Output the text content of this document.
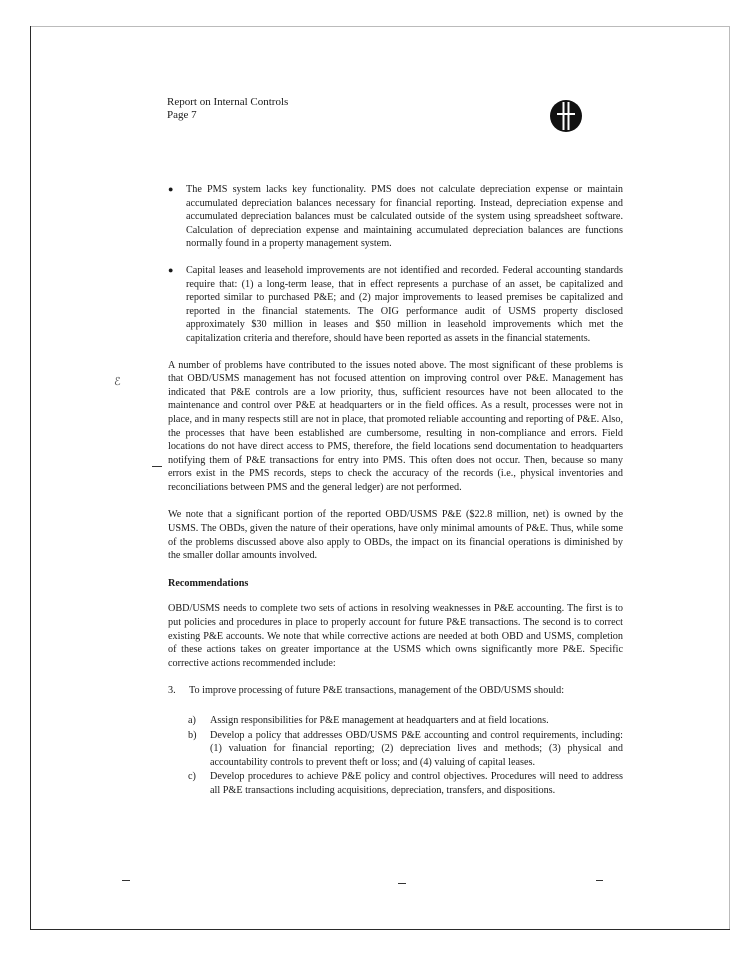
Report on Internal Controls
Page 7
ℰ
● The PMS system lacks key functionality. PMS does not calculate depreciation expense or maintain accumulated depreciation balances necessary for financial reporting. Instead, depreciation expense and accumulated depreciation balances must be calculated outside of the system using spreadsheet software. Calculation of depreciation expense and maintaining accumulated depreciation balances are functions normally found in a property management system.
● Capital leases and leasehold improvements are not identified and recorded. Federal accounting standards require that: (1) a long-term lease, that in effect represents a purchase of an asset, be capitalized and reported similar to purchased P&E; and (2) major improvements to leased premises be capitalized and reported in the financial statements. The OIG performance audit of USMS property disclosed approximately $30 million in leases and $50 million in leasehold improvements which met the capitalization criteria and therefore, should have been reported as assets in the financial statements.

A number of problems have contributed to the issues noted above. The most significant of these problems is that OBD/USMS management has not focused attention on improving control over P&E. Management has indicated that P&E controls are a low priority, thus, sufficient resources have not been allocated to the maintenance and control over P&E at headquarters or in the field offices. As a result, processes were not in place, and in many respects still are not in place, that promoted reliable accounting and reporting of P&E. Also, the processes that have been established are cumbersome, resulting in non-compliance and errors. Field locations do not have direct access to PMS, therefore, the field locations send documentation to headquarters notifying them of P&E transactions for entry into PMS. This often does not occur. Then, because so many errors exist in the PMS records, steps to check the accuracy of the records (i.e., physical inventories and reconciliations between PMS and the general ledger) are not performed.

We note that a significant portion of the reported OBD/USMS P&E ($22.8 million, net) is owned by the USMS. The OBDs, given the nature of their operations, have only minimal amounts of P&E. Thus, while some of the problems discussed above also apply to OBDs, the impact on its financial operations is diminished by the smaller dollar amounts involved.

Recommendations

OBD/USMS needs to complete two sets of actions in resolving weaknesses in P&E accounting. The first is to put policies and procedures in place to properly account for future P&E transactions. The second is to correct existing P&E accounts. We note that while corrective actions are needed at both OBD and USMS, completion of these actions takes on greater importance at the USMS which owns significantly more P&E. Specific corrective actions recommended include:

3. To improve processing of future P&E transactions, management of the OBD/USMS should:
a) Assign responsibilities for P&E management at headquarters and at field locations.
b) Develop a policy that addresses OBD/USMS P&E accounting and control requirements, including: (1) valuation for financial reporting; (2) depreciation lives and methods; (3) physical and accountability controls to prevent theft or loss; and (4) valuing of capital leases.
c) Develop procedures to achieve P&E policy and control objectives. Procedures will need to address all P&E transactions including acquisitions, depreciation, transfers, and dispositions.
